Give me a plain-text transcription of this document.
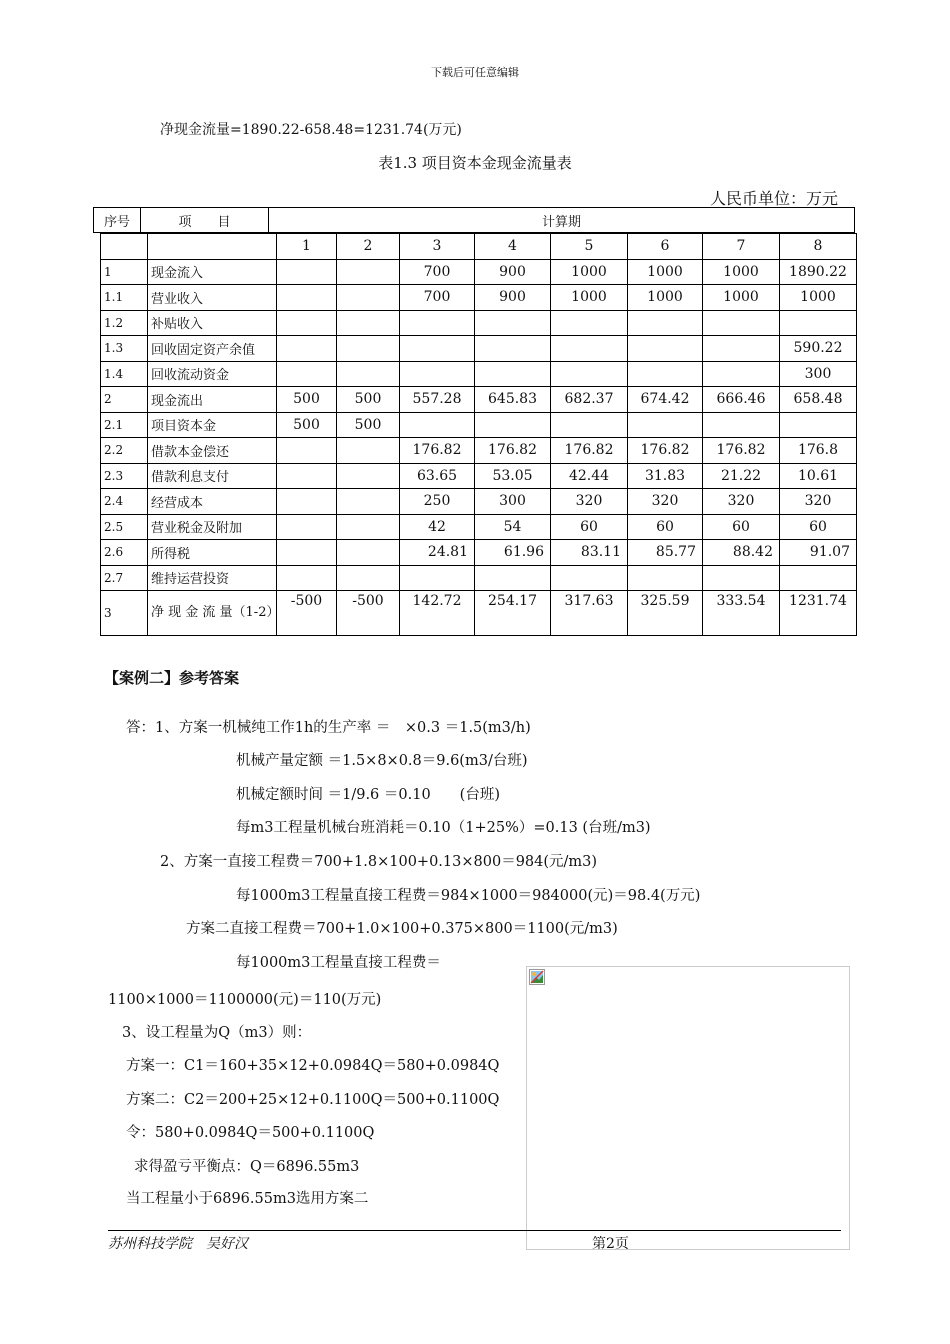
下载后可任意编辑
净现金流量=1890.22-658.48=1231.74(万元)
表1.3 项目资本金现金流量表
人民币单位：万元
序号	项　　目	计算期
		1	2	3	4	5	6	7	8
1	现金流入			700	900	1000	1000	1000	1890.22
1.1	营业收入			700	900	1000	1000	1000	1000
1.2	补贴收入								
1.3	回收固定资产余值								590.22
1.4	回收流动资金								300
2	现金流出	500	500	557.28	645.83	682.37	674.42	666.46	658.48
2.1	项目资本金	500	500						
2.2	借款本金偿还			176.82	176.82	176.82	176.82	176.82	176.8
2.3	借款利息支付			63.65	53.05	42.44	31.83	21.22	10.61
2.4	经营成本			250	300	320	320	320	320
2.5	营业税金及附加			42	54	60	60	60	60
2.6	所得税			24.81	61.96	83.11	85.77	88.42	91.07
2.7	维持运营投资								
3	净 现 金 流 量（1-2）	-500	-500	142.72	254.17	317.63	325.59	333.54	1231.74
【案例二】参考答案
答：1、方案一机械纯工作1h的生产率 ＝　×0.3 ＝1.5(m3/h)
机械产量定额 ＝1.5×8×0.8＝9.6(m3/台班)
机械定额时间 ＝1/9.6 ＝0.10　　(台班)
每m3工程量机械台班消耗＝0.10（1+25%）=0.13 (台班/m3)
2、方案一直接工程费＝700+1.8×100+0.13×800＝984(元/m3)
每1000m3工程量直接工程费＝984×1000＝984000(元)＝98.4(万元)
方案二直接工程费＝700+1.0×100+0.375×800＝1100(元/m3)
每1000m3工程量直接工程费＝
1100×1000＝1100000(元)＝110(万元)
3、设工程量为Q（m3）则：
方案一：C1＝160+35×12+0.0984Q＝580+0.0984Q
方案二：C2＝200+25×12+0.1100Q＝500+0.1100Q
令：580+0.0984Q＝500+0.1100Q
求得盈亏平衡点：Q＝6896.55m3
当工程量小于6896.55m3选用方案二
苏州科技学院　吴好汉	第2页
